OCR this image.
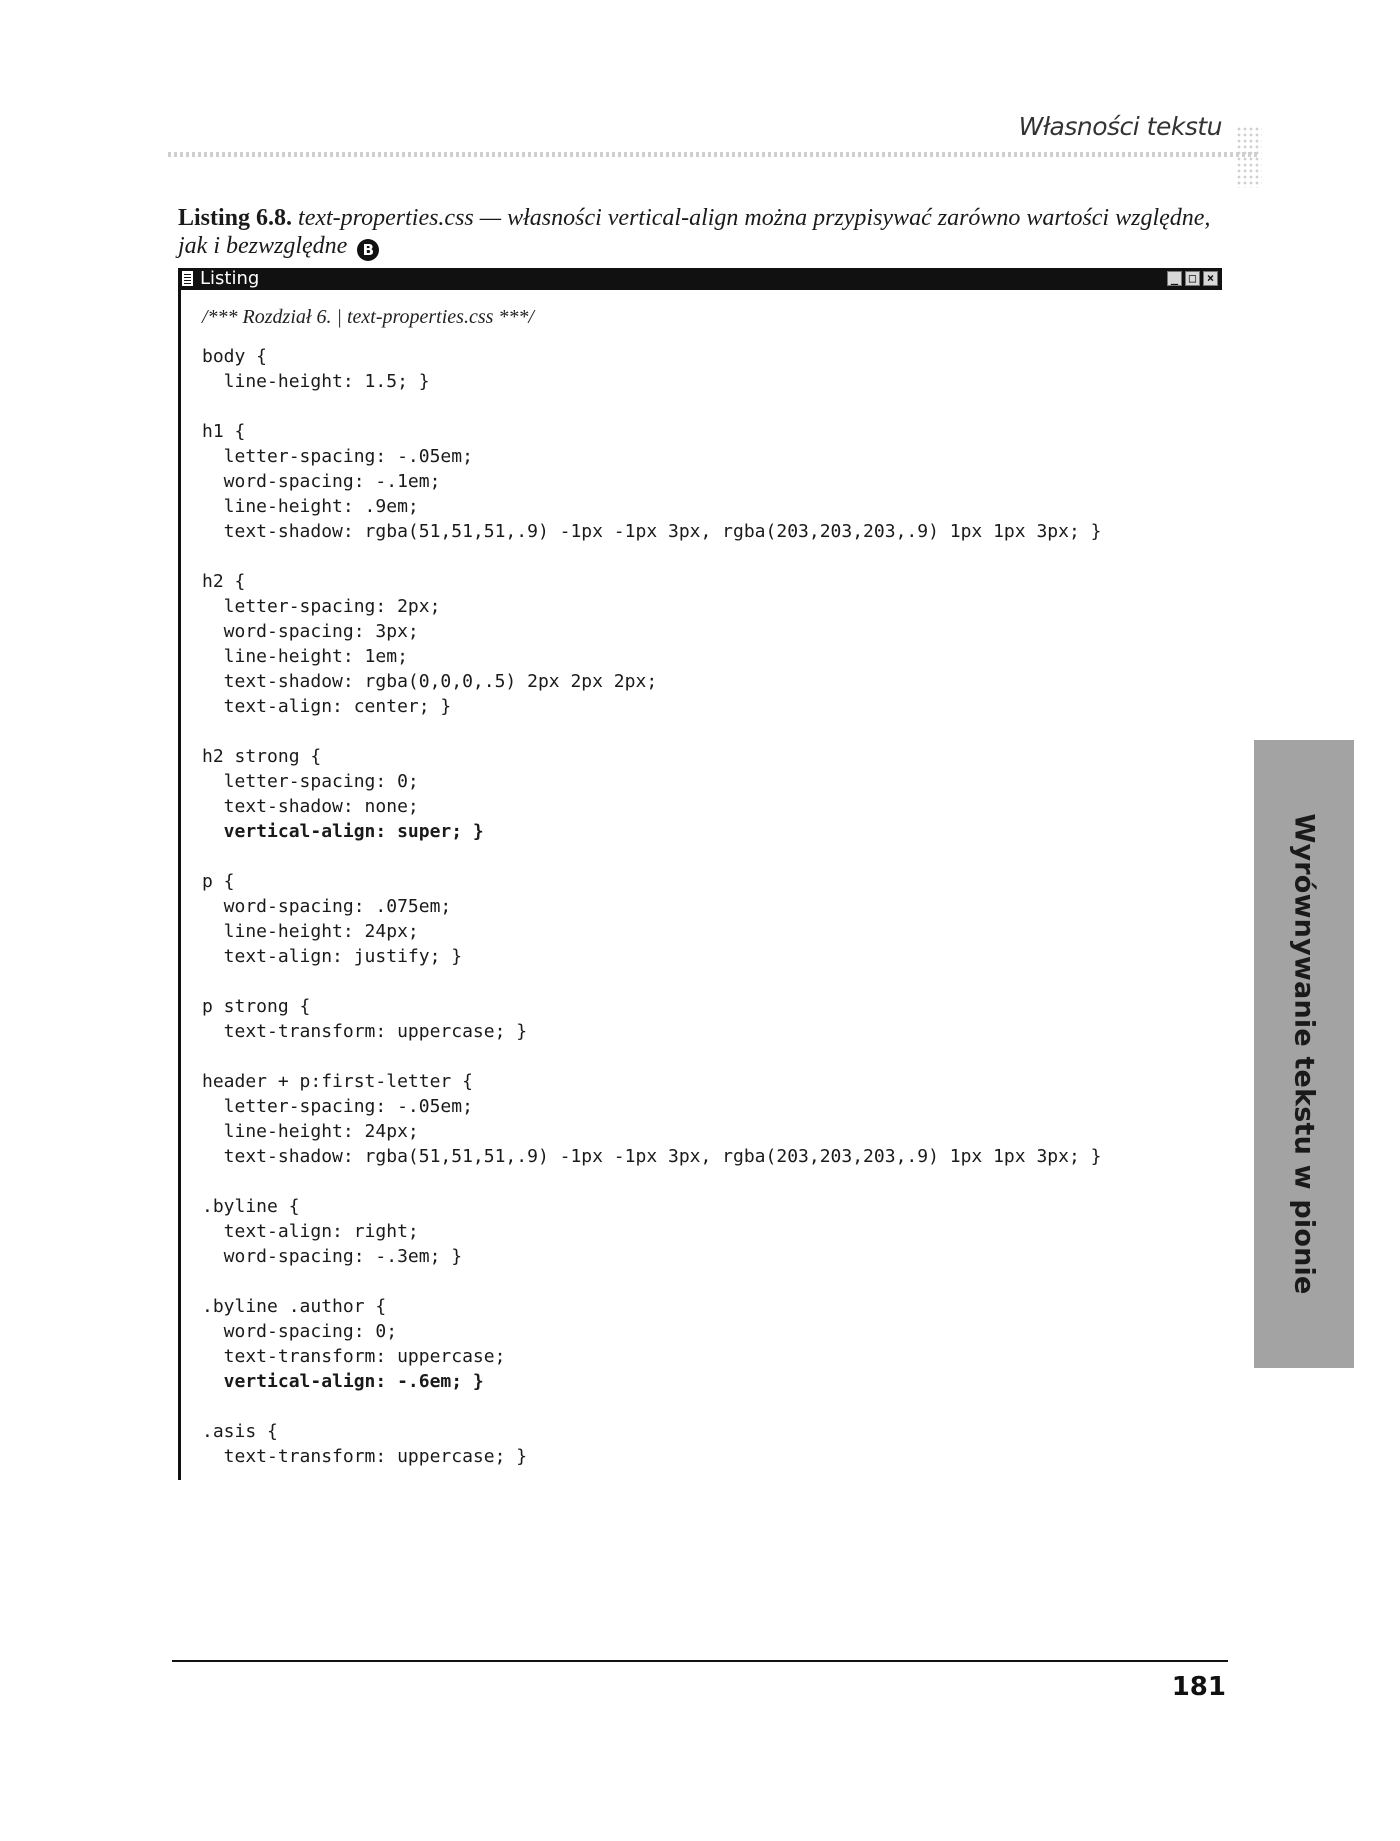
Własności tekstu
Listing 6.8. text-properties.css — własności vertical-align można przypisywać zarówno wartości względne, jak i bezwzględne B
Listing	_ □ ×
/*** Rozdział 6. | text-properties.css ***/
body {
line-height: 1.5; }
h1 {
letter-spacing: -.05em;
word-spacing: -.1em;
line-height: .9em;
text-shadow: rgba(51,51,51,.9) -1px -1px 3px, rgba(203,203,203,.9) 1px 1px 3px; }
h2 {
letter-spacing: 2px;
word-spacing: 3px;
line-height: 1em;
text-shadow: rgba(0,0,0,.5) 2px 2px 2px;
text-align: center; }
h2 strong {
letter-spacing: 0;
text-shadow: none;
vertical-align: super; }
p {
word-spacing: .075em;
line-height: 24px;
text-align: justify; }
p strong {
text-transform: uppercase; }
header + p:first-letter {
letter-spacing: -.05em;
line-height: 24px;
text-shadow: rgba(51,51,51,.9) -1px -1px 3px, rgba(203,203,203,.9) 1px 1px 3px; }
.byline {
text-align: right;
word-spacing: -.3em; }
.byline .author {
word-spacing: 0;
text-transform: uppercase;
vertical-align: -.6em; }
.asis {
text-transform: uppercase; }
Wyrównywanie tekstu w pionie
181
